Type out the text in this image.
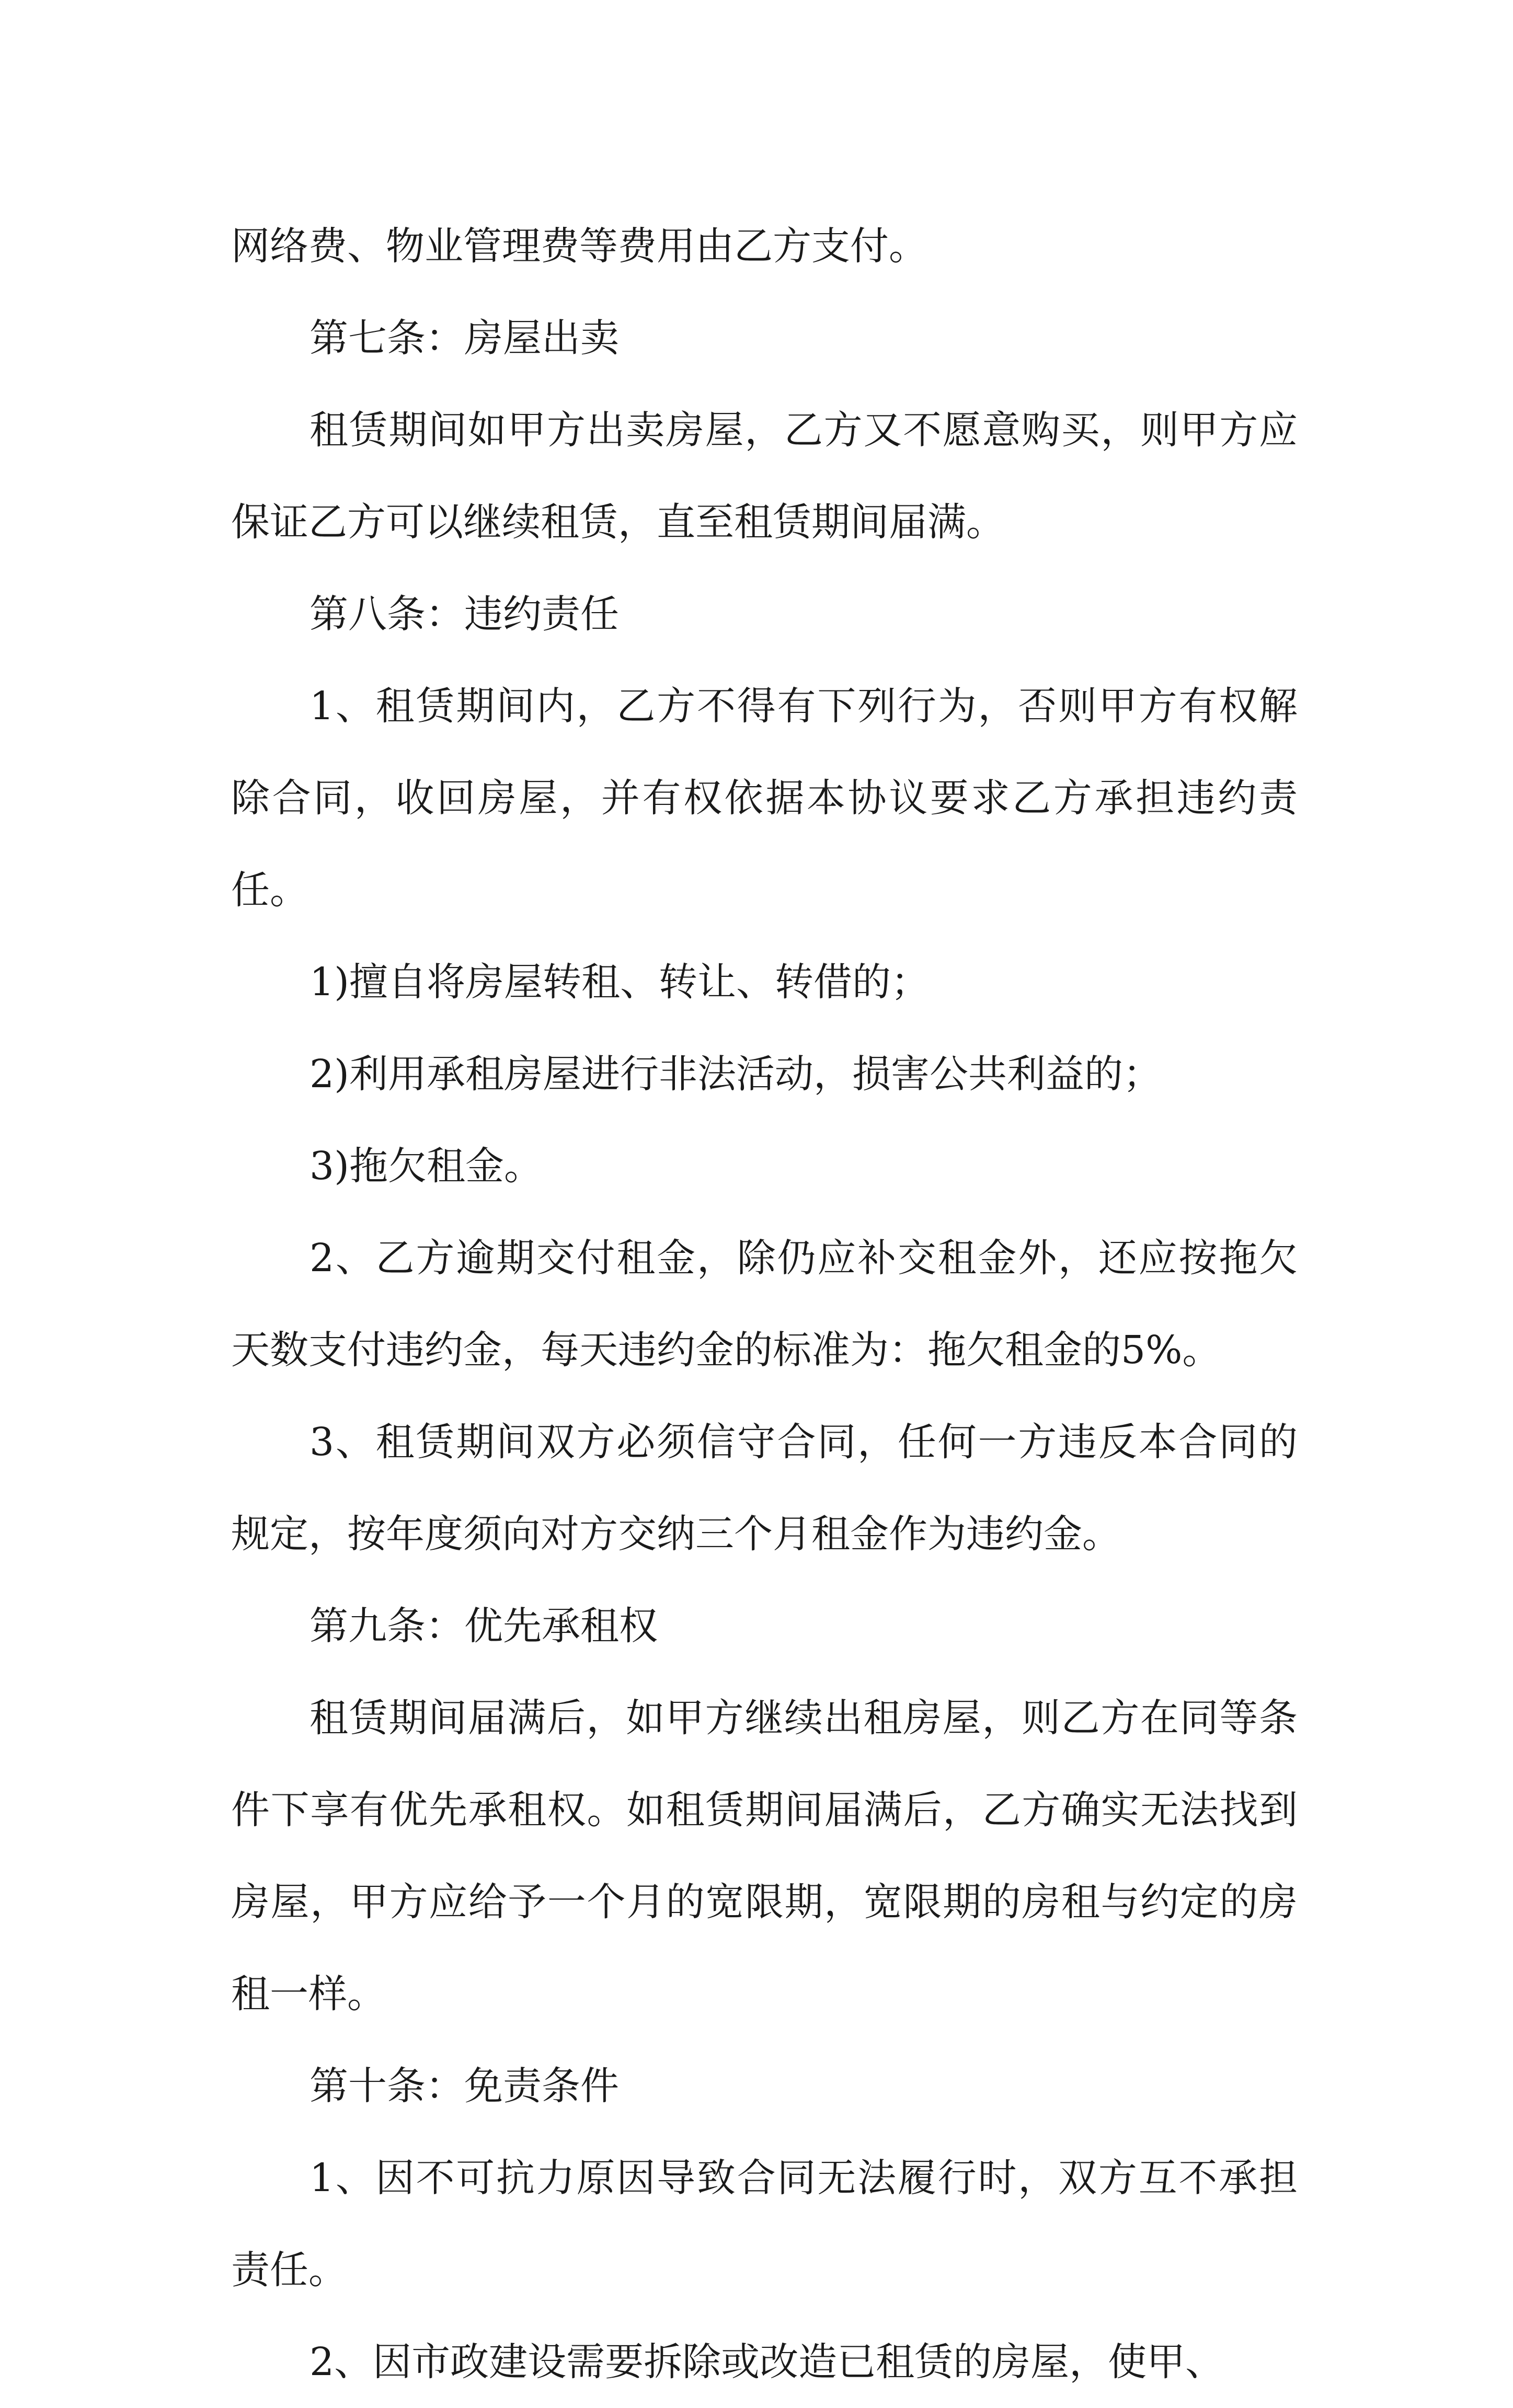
网络费、物业管理费等费用由乙方支付。

第七条：房屋出卖

租赁期间如甲方出卖房屋，乙方又不愿意购买，则甲方应保证乙方可以继续租赁，直至租赁期间届满。

第八条：违约责任

1、租赁期间内，乙方不得有下列行为，否则甲方有权解除合同，收回房屋，并有权依据本协议要求乙方承担违约责任。

1)擅自将房屋转租、转让、转借的；

2)利用承租房屋进行非法活动，损害公共利益的；

3)拖欠租金。

2、乙方逾期交付租金，除仍应补交租金外，还应按拖欠天数支付违约金，每天违约金的标准为：拖欠租金的5%。

3、租赁期间双方必须信守合同，任何一方违反本合同的规定，按年度须向对方交纳三个月租金作为违约金。

第九条：优先承租权

租赁期间届满后，如甲方继续出租房屋，则乙方在同等条件下享有优先承租权。如租赁期间届满后，乙方确实无法找到房屋，甲方应给予一个月的宽限期，宽限期的房租与约定的房租一样。

第十条：免责条件

1、因不可抗力原因导致合同无法履行时，双方互不承担责任。

2、因市政建设需要拆除或改造已租赁的房屋，使甲、
